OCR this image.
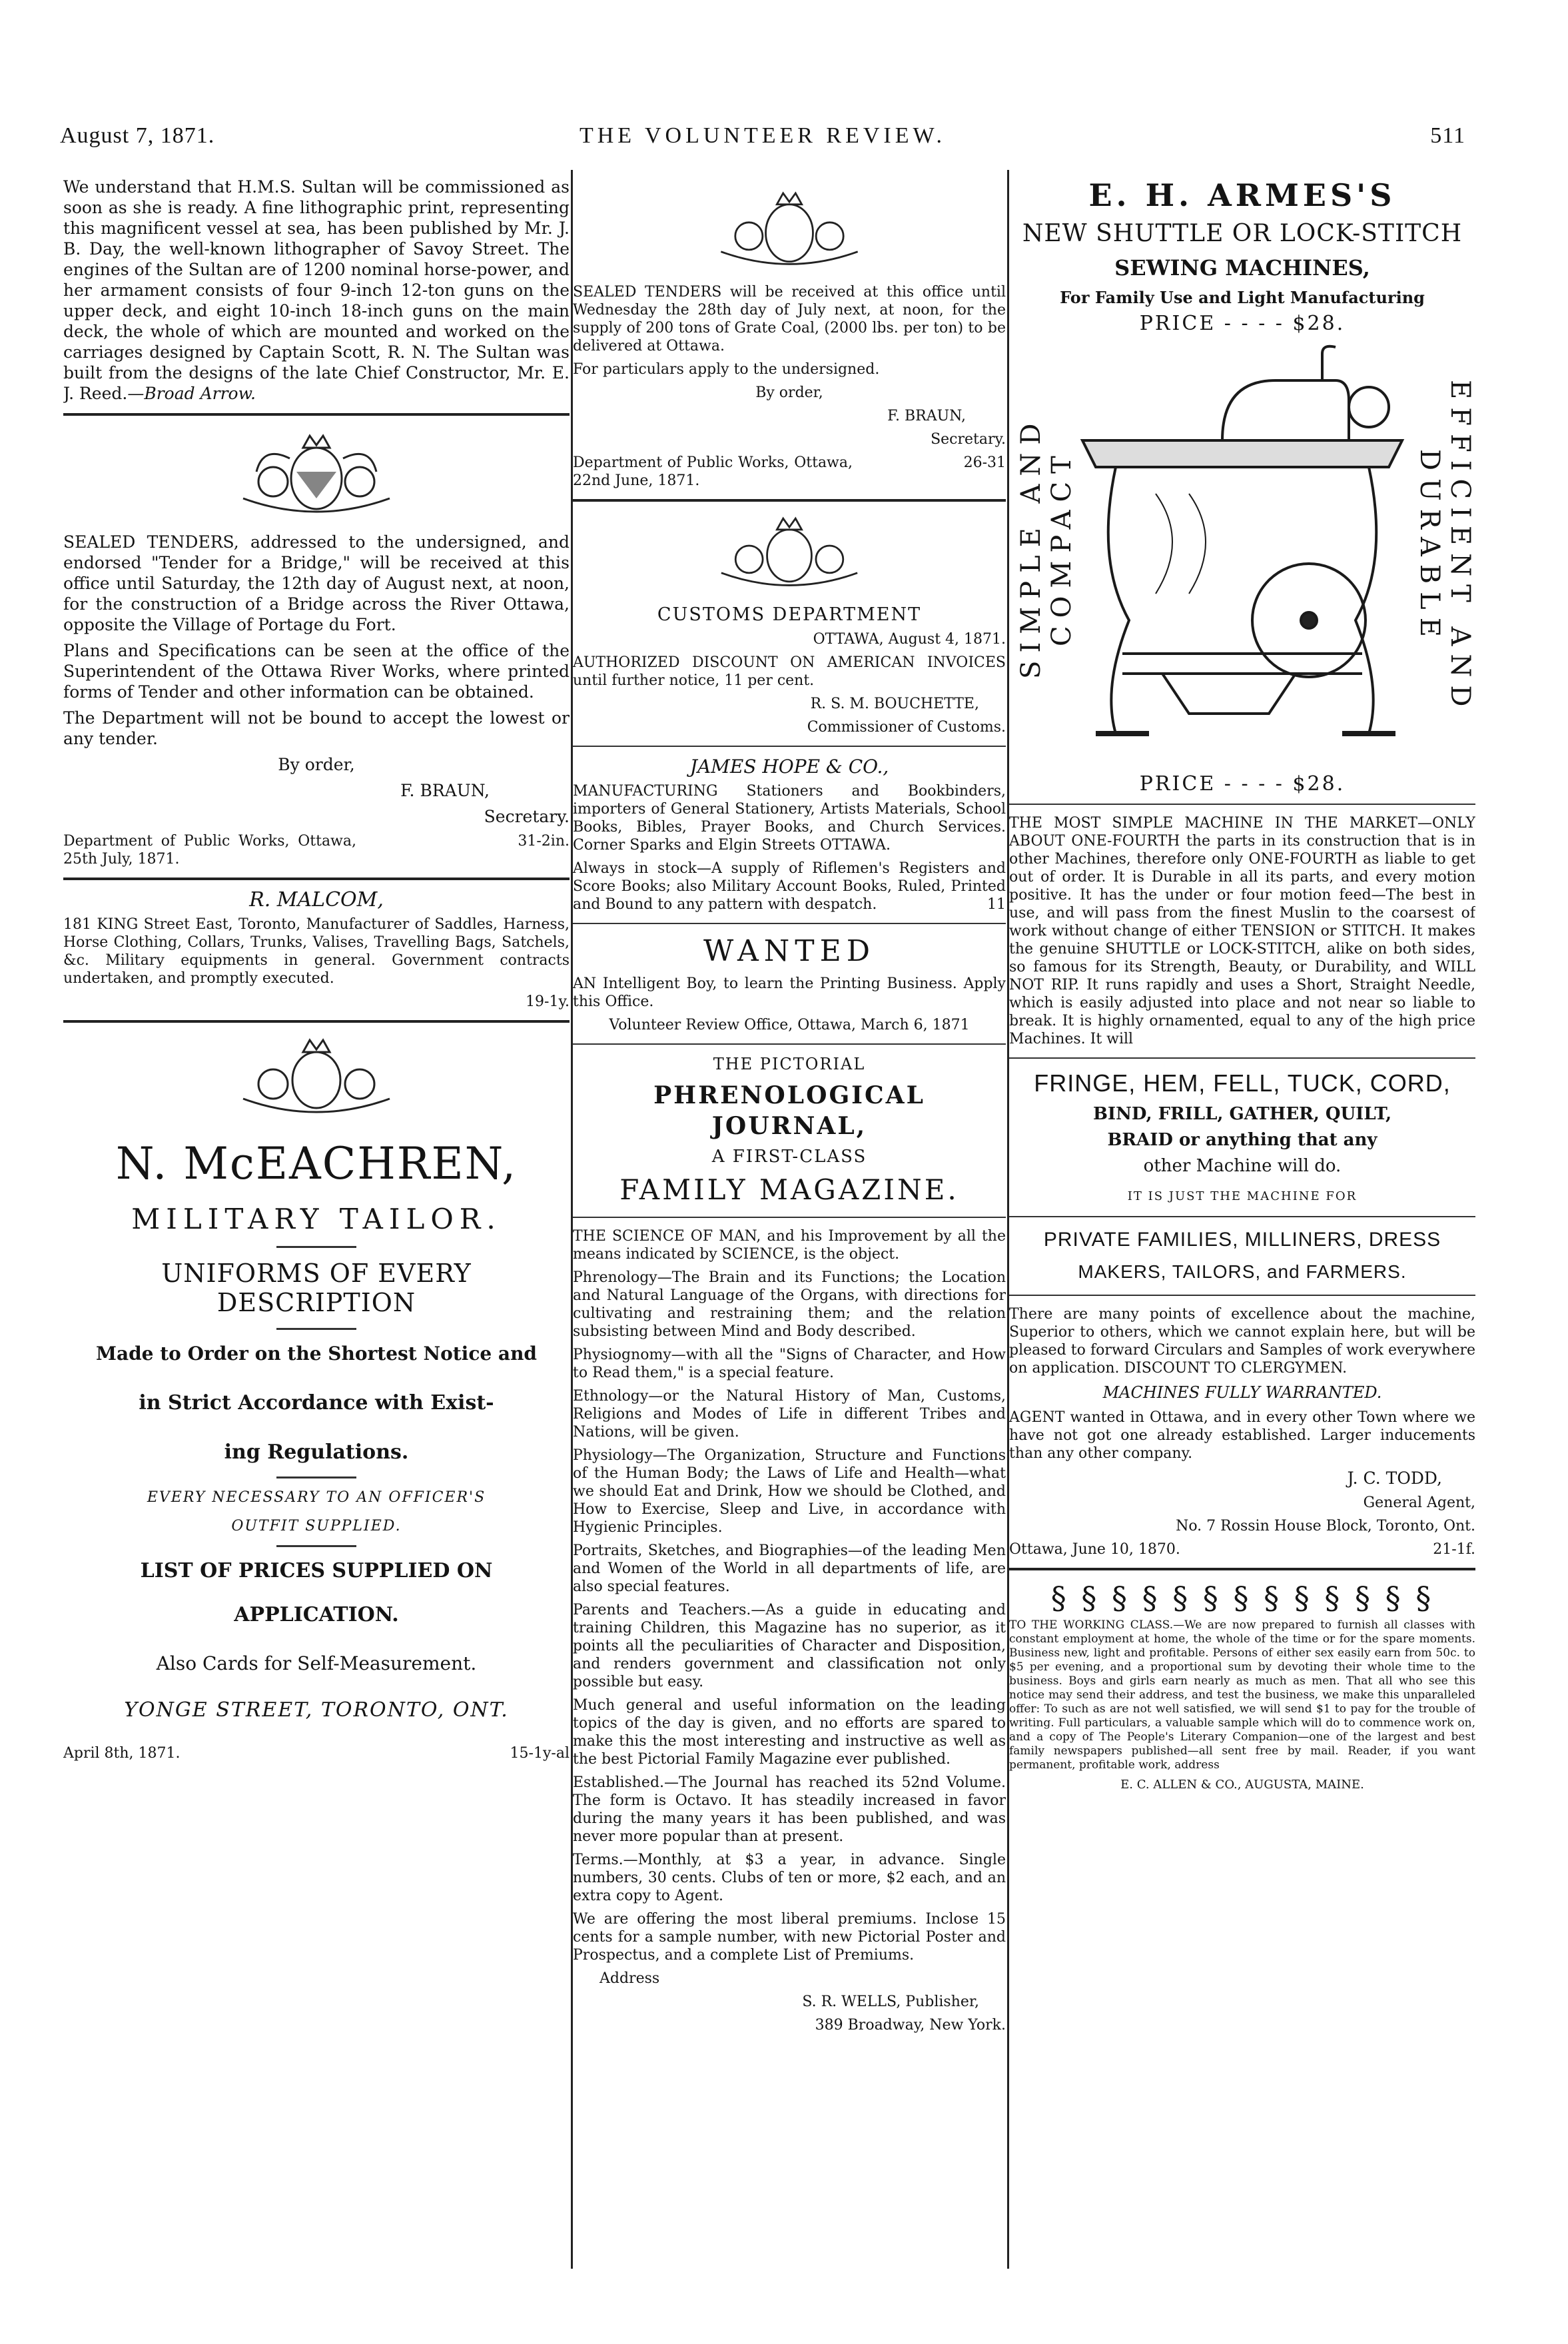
August 7, 1871.	THE VOLUNTEER REVIEW.	511

We understand that H.M.S. Sultan will be commissioned as soon as she is ready. A fine lithographic print, representing this magnificent vessel at sea, has been published by Mr. J. B. Day, the well-known lithographer of Savoy Street. The engines of the Sultan are of 1200 nominal horse-power, and her armament consists of four 9-inch 12-ton guns on the upper deck, and eight 10-inch 18-inch guns on the main deck, the whole of which are mounted and worked on the carriages designed by Captain Scott, R. N. The Sultan was built from the designs of the late Chief Constructor, Mr. E. J. Reed.—Broad Arrow.

SEALED TENDERS, addressed to the undersigned, and endorsed "Tender for a Bridge," will be received at this office until Saturday, the 12th day of August next, at noon, for the construction of a Bridge across the River Ottawa, opposite the Village of Portage du Fort.

Plans and Specifications can be seen at the office of the Superintendent of the Ottawa River Works, where printed forms of Tender and other information can be obtained.

The Department will not be bound to accept the lowest or any tender.

By order,

F. BRAUN,

Secretary.

Department of Public Works, Ottawa, 25th July, 1871.
31-2in.

R. MALCOM,

181 KING Street East, Toronto, Manufacturer of Saddles, Harness, Horse Clothing, Collars, Trunks, Valises, Travelling Bags, Satchels, &c. Military equipments in general. Government contracts undertaken, and promptly executed.

19-1y.

N. McEACHREN,
MILITARY TAILOR.
UNIFORMS OF EVERY DESCRIPTION
Made to Order on the Shortest Notice and
in Strict Accordance with Exist-
ing Regulations.
EVERY NECESSARY TO AN OFFICER'S
OUTFIT SUPPLIED.
LIST OF PRICES SUPPLIED ON
APPLICATION.
Also Cards for Self-Measurement.
YONGE STREET, TORONTO, ONT.
April 8th, 1871.	15-1y-al

SEALED TENDERS will be received at this office until Wednesday the 28th day of July next, at noon, for the supply of 200 tons of Grate Coal, (2000 lbs. per ton) to be delivered at Ottawa.

For particulars apply to the undersigned.

By order,

F. BRAUN,

Secretary.

Department of Public Works, Ottawa, 22nd June, 1871.
26-31

CUSTOMS DEPARTMENT

OTTAWA, August 4, 1871.

AUTHORIZED DISCOUNT ON AMERICAN INVOICES until further notice, 11 per cent.

R. S. M. BOUCHETTE,

Commissioner of Customs.

JAMES HOPE & CO.,

MANUFACTURING Stationers and Bookbinders, importers of General Stationery, Artists Materials, School Books, Bibles, Prayer Books, and Church Services. Corner Sparks and Elgin Streets OTTAWA.

Always in stock—A supply of Riflemen's Registers and Score Books; also Military Account Books, Ruled, Printed and Bound to any pattern with despatch.	11

WANTED

AN Intelligent Boy, to learn the Printing Business. Apply this Office.

Volunteer Review Office, Ottawa, March 6, 1871

THE PICTORIAL

PHRENOLOGICAL JOURNAL,

A FIRST-CLASS

FAMILY MAGAZINE.

THE SCIENCE OF MAN, and his Improvement by all the means indicated by SCIENCE, is the object.

Phrenology—The Brain and its Functions; the Location and Natural Language of the Organs, with directions for cultivating and restraining them; and the relation subsisting between Mind and Body described.

Physiognomy—with all the "Signs of Character, and How to Read them," is a special feature.

Ethnology—or the Natural History of Man, Customs, Religions and Modes of Life in different Tribes and Nations, will be given.

Physiology—The Organization, Structure and Functions of the Human Body; the Laws of Life and Health—what we should Eat and Drink, How we should be Clothed, and How to Exercise, Sleep and Live, in accordance with Hygienic Principles.

Portraits, Sketches, and Biographies—of the leading Men and Women of the World in all departments of life, are also special features.

Parents and Teachers.—As a guide in educating and training Children, this Magazine has no superior, as it points all the peculiarities of Character and Disposition, and renders government and classification not only possible but easy.

Much general and useful information on the leading topics of the day is given, and no efforts are spared to make this the most interesting and instructive as well as the best Pictorial Family Magazine ever published.

Established.—The Journal has reached its 52nd Volume. The form is Octavo. It has steadily increased in favor during the many years it has been published, and was never more popular than at present.

Terms.—Monthly, at $3 a year, in advance. Single numbers, 30 cents. Clubs of ten or more, $2 each, and an extra copy to Agent.

We are offering the most liberal premiums. Inclose 15 cents for a sample number, with new Pictorial Poster and Prospectus, and a complete List of Premiums.

Address

S. R. WELLS, Publisher,

389 Broadway, New York.

E. H. ARMES'S

NEW SHUTTLE OR LOCK-STITCH

SEWING MACHINES,

For Family Use and Light Manufacturing

PRICE - - - - $28.

SIMPLE AND COMPACT	EFFICIENT AND DURABLE

PRICE - - - - $28.

THE MOST SIMPLE MACHINE IN THE MARKET—ONLY ABOUT ONE-FOURTH the parts in its construction that is in other Machines, therefore only ONE-FOURTH as liable to get out of order. It is Durable in all its parts, and every motion positive. It has the under or four motion feed—The best in use, and will pass from the finest Muslin to the coarsest of work without change of either TENSION or STITCH. It makes the genuine SHUTTLE or LOCK-STITCH, alike on both sides, so famous for its Strength, Beauty, or Durability, and WILL NOT RIP. It runs rapidly and uses a Short, Straight Needle, which is easily adjusted into place and not near so liable to break. It is highly ornamented, equal to any of the high price Machines. It will

FRINGE, HEM, FELL, TUCK, CORD,

BIND, FRILL, GATHER, QUILT,

BRAID or anything that any

other Machine will do.

IT IS JUST THE MACHINE FOR

PRIVATE FAMILIES, MILLINERS, DRESS

MAKERS, TAILORS, and FARMERS.

There are many points of excellence about the machine, Superior to others, which we cannot explain here, but will be pleased to forward Circulars and Samples of work everywhere on application. DISCOUNT TO CLERGYMEN.

MACHINES FULLY WARRANTED.

AGENT wanted in Ottawa, and in every other Town where we have not got one already established. Larger inducements than any other company.

J. C. TODD,

General Agent,

No. 7 Rossin House Block, Toronto, Ont.

Ottawa, June 10, 1870.	21-1f.

§ § § § § § § § § § § § §

TO THE WORKING CLASS.—We are now prepared to furnish all classes with constant employment at home, the whole of the time or for the spare moments. Business new, light and profitable. Persons of either sex easily earn from 50c. to $5 per evening, and a proportional sum by devoting their whole time to the business. Boys and girls earn nearly as much as men. That all who see this notice may send their address, and test the business, we make this unparalleled offer: To such as are not well satisfied, we will send $1 to pay for the trouble of writing. Full particulars, a valuable sample which will do to commence work on, and a copy of The People's Literary Companion—one of the largest and best family newspapers published—all sent free by mail. Reader, if you want permanent, profitable work, address

E. C. ALLEN & CO., AUGUSTA, MAINE.
